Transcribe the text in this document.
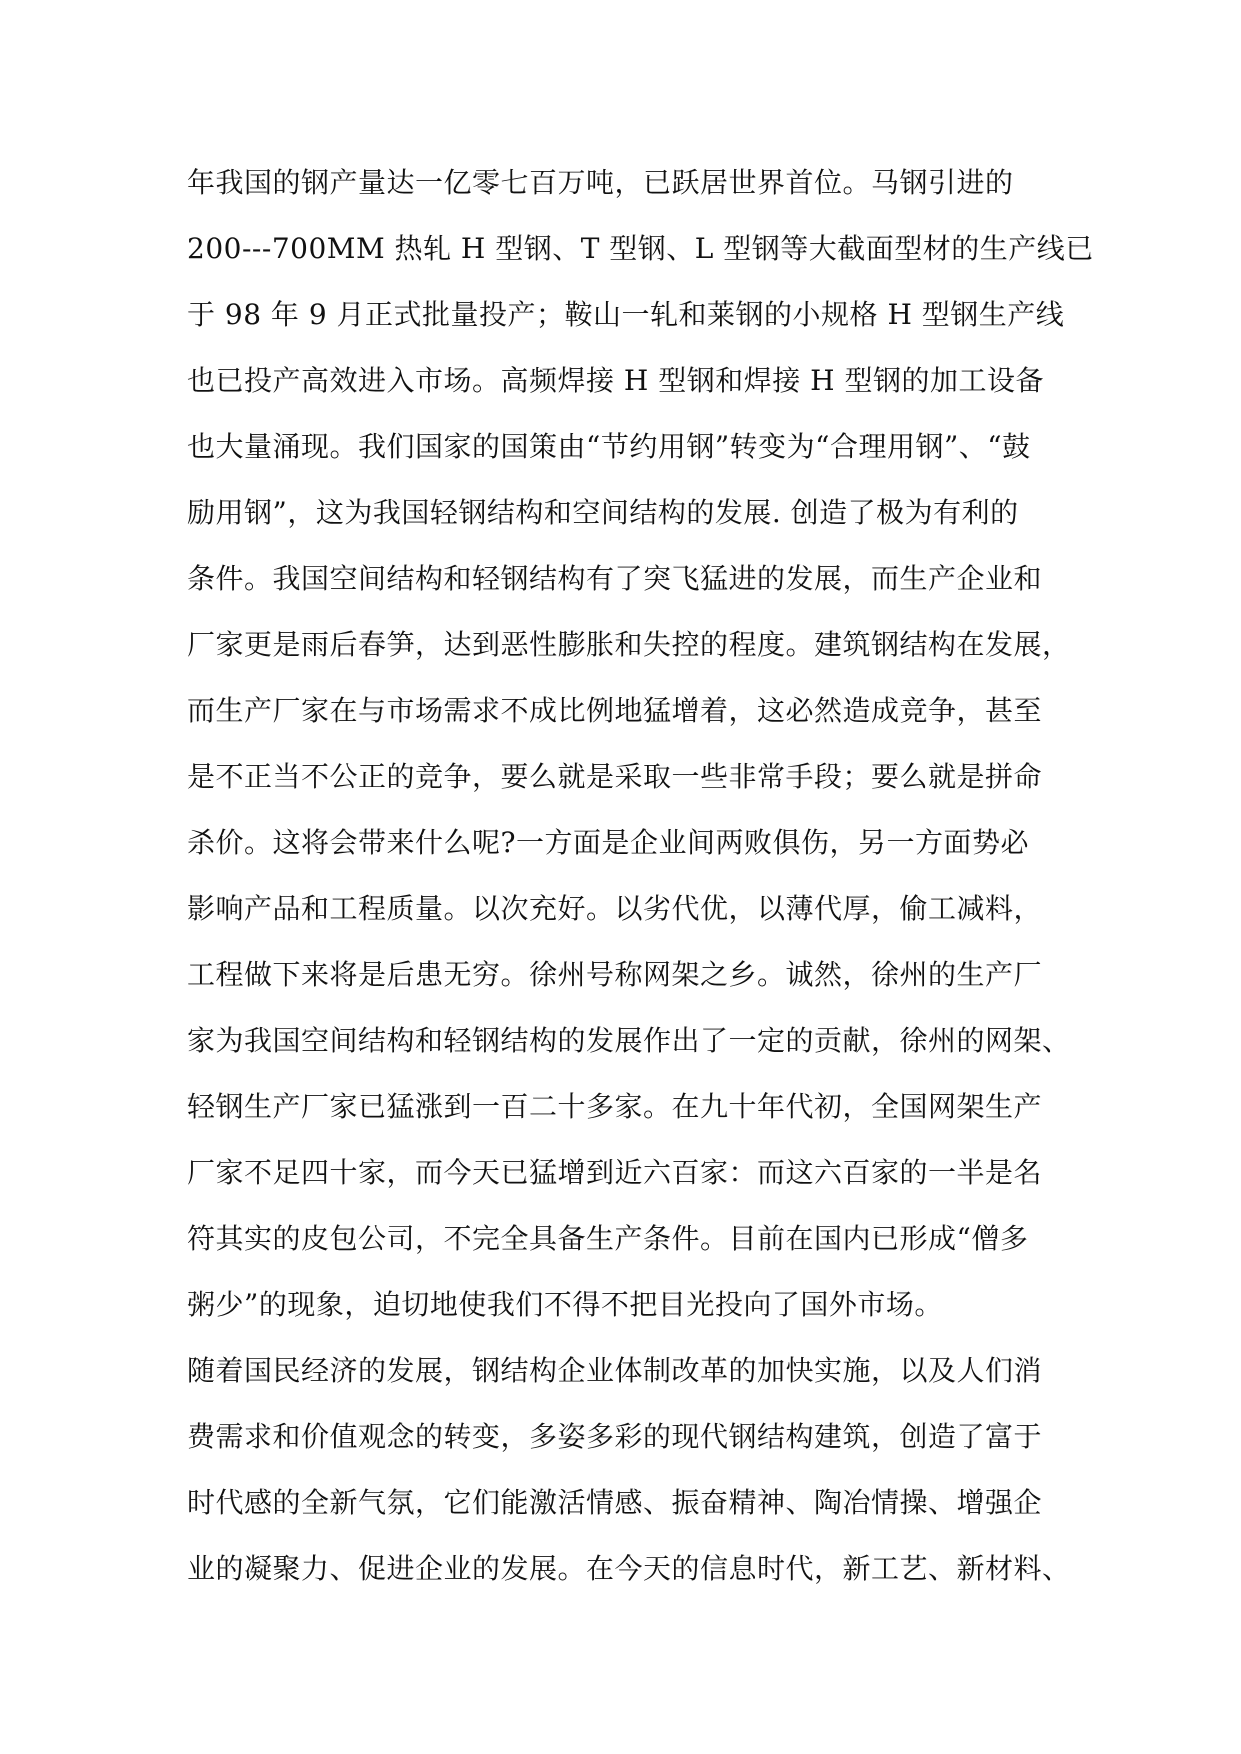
年我国的钢产量达一亿零七百万吨，已跃居世界首位。马钢引进的
200---700MM 热轧 H 型钢、T 型钢、L 型钢等大截面型材的生产线已
于 98 年 9 月正式批量投产；鞍山一轧和莱钢的小规格 H 型钢生产线
也已投产高效进入市场。高频焊接 H 型钢和焊接 H 型钢的加工设备
也大量涌现。我们国家的国策由“节约用钢”转变为“合理用钢”、“鼓
励用钢”，这为我国轻钢结构和空间结构的发展. 创造了极为有利的
条件。我国空间结构和轻钢结构有了突飞猛进的发展，而生产企业和
厂家更是雨后春笋，达到恶性膨胀和失控的程度。建筑钢结构在发展，
而生产厂家在与市场需求不成比例地猛增着，这必然造成竞争，甚至
是不正当不公正的竞争，要么就是采取一些非常手段；要么就是拼命
杀价。这将会带来什么呢?一方面是企业间两败俱伤，另一方面势必
影响产品和工程质量。以次充好。以劣代优，以薄代厚，偷工减料，
工程做下来将是后患无穷。徐州号称网架之乡。诚然，徐州的生产厂
家为我国空间结构和轻钢结构的发展作出了一定的贡献，徐州的网架、
轻钢生产厂家已猛涨到一百二十多家。在九十年代初，全国网架生产
厂家不足四十家，而今天已猛增到近六百家：而这六百家的一半是名
符其实的皮包公司，不完全具备生产条件。目前在国内已形成“僧多
粥少”的现象，迫切地使我们不得不把目光投向了国外市场。
随着国民经济的发展，钢结构企业体制改革的加快实施，以及人们消
费需求和价值观念的转变，多姿多彩的现代钢结构建筑，创造了富于
时代感的全新气氛，它们能激活情感、振奋精神、陶冶情操、增强企
业的凝聚力、促进企业的发展。在今天的信息时代，新工艺、新材料、
